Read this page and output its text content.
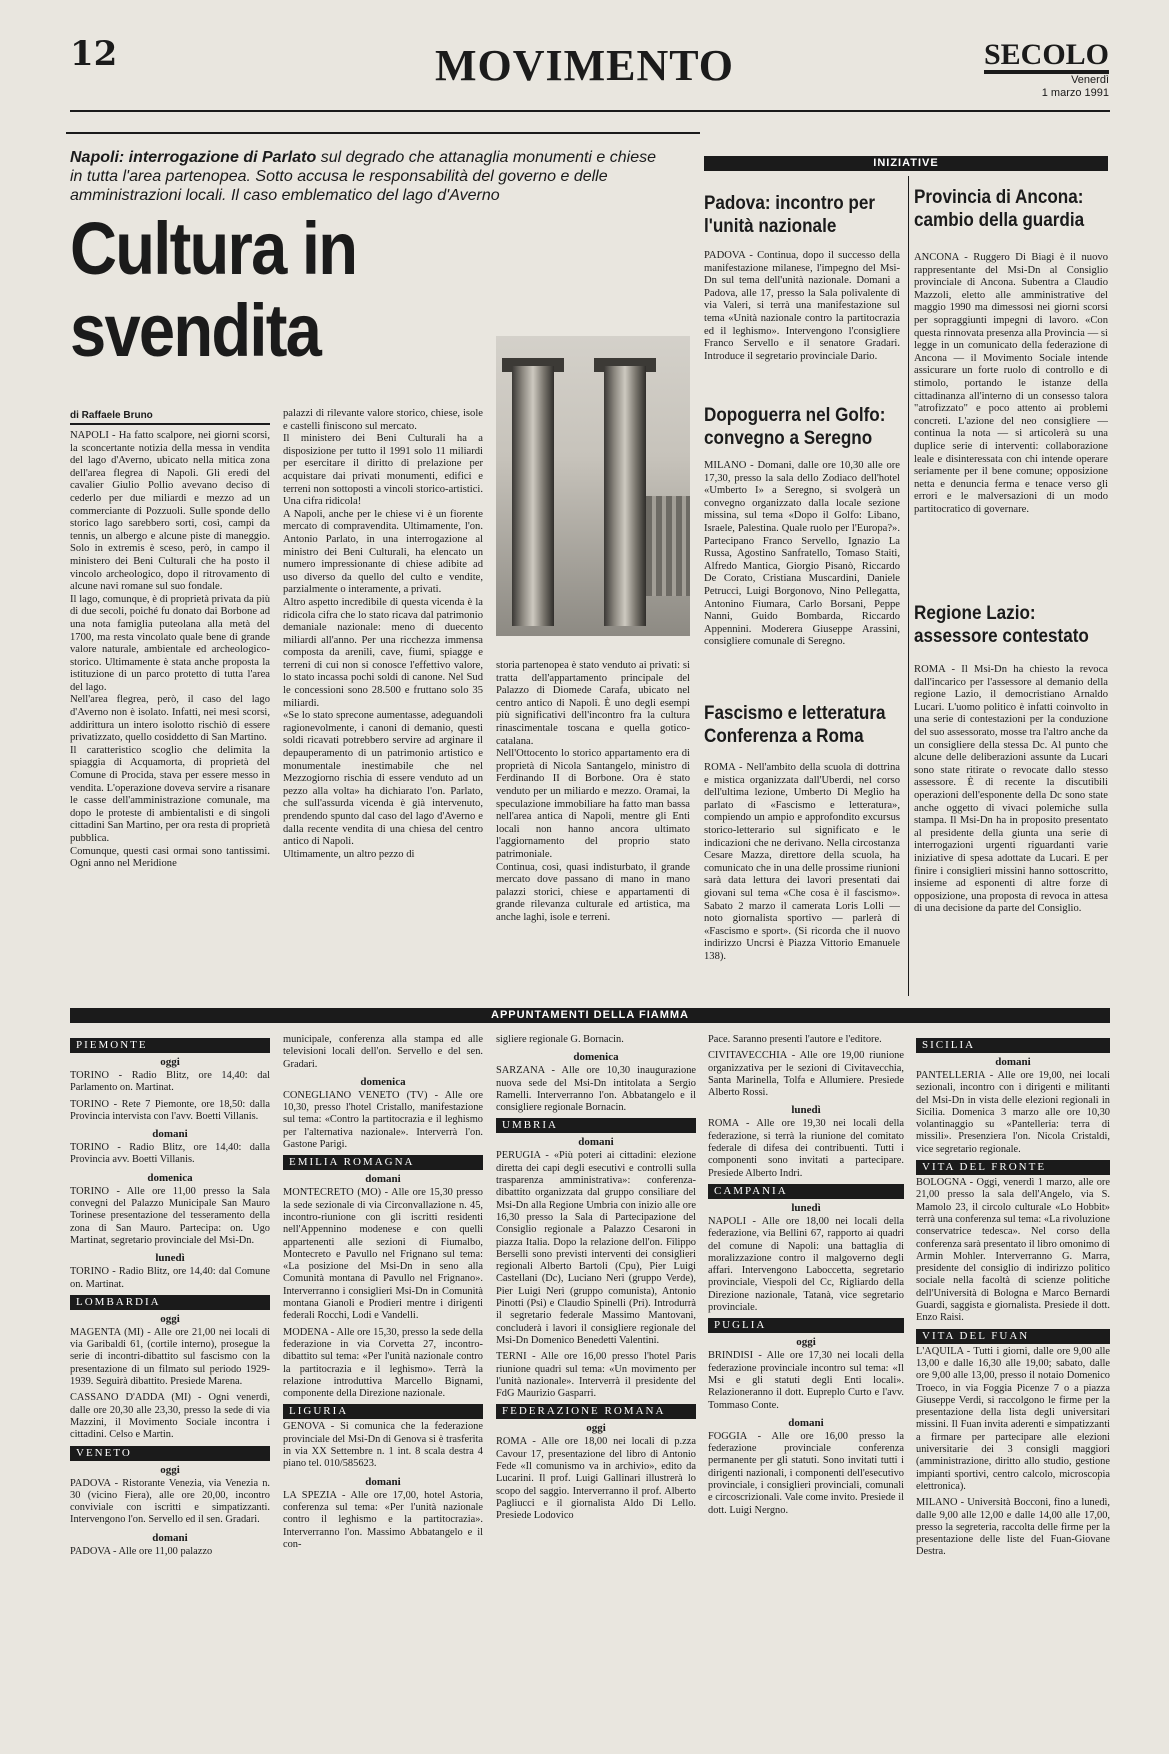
12	MOVIMENTO	SECOLO
Venerdì
1 marzo 1991
Napoli: interrogazione di Parlato sul degrado che attanaglia monumenti e chiese in tutta l'area partenopea. Sotto accusa le responsabilità del governo e delle amministrazioni locali. Il caso emblematico del lago d'Averno
Cultura in svendita
di Raffaele Bruno
NAPOLI - Ha fatto scalpore, nei giorni scorsi, la sconcertante notizia della messa in vendita del lago d'Averno, ubicato nella mitica zona dell'area flegrea di Napoli. Gli eredi del cavalier Giulio Pollio avevano deciso di cederlo per due miliardi e mezzo ad un commerciante di Pozzuoli. Sulle sponde dello storico lago sarebbero sorti, così, campi da tennis, un albergo e alcune piste di maneggio. Solo in extremis è sceso, però, in campo il ministero dei Beni Culturali che ha posto il vincolo archeologico, dopo il ritrovamento di alcune navi romane sul suo fondale.
Il lago, comunque, è di proprietà privata da più di due secoli, poiché fu donato dai Borbone ad una nota famiglia puteolana alla metà del 1700, ma resta vincolato quale bene di grande valore naturale, ambientale ed archeologico-storico. Ultimamente è stata anche proposta la istituzione di un parco protetto di tutta l'area del lago.
Nell'area flegrea, però, il caso del lago d'Averno non è isolato. Infatti, nei mesi scorsi, addirittura un intero isolotto rischiò di essere privatizzato, quello cosiddetto di San Martino.
Il caratteristico scoglio che delimita la spiaggia di Acquamorta, di proprietà del Comune di Procida, stava per essere messo in vendita. L'operazione doveva servire a risanare le casse dell'amministrazione comunale, ma dopo le proteste di ambientalisti e di singoli cittadini San Martino, per ora resta di proprietà pubblica.
Comunque, questi casi ormai sono tantissimi. Ogni anno nel Meridione
palazzi di rilevante valore storico, chiese, isole e castelli finiscono sul mercato.
Il ministero dei Beni Culturali ha a disposizione per tutto il 1991 solo 11 miliardi per esercitare il diritto di prelazione per acquistare dai privati monumenti, edifici e terreni non sottoposti a vincoli storico-artistici. Una cifra ridicola!
A Napoli, anche per le chiese vi è un fiorente mercato di compravendita. Ultimamente, l'on. Antonio Parlato, in una interrogazione al ministro dei Beni Culturali, ha elencato un numero impressionante di chiese adibite ad uso diverso da quello del culto e vendite, parzialmente o interamente, a privati.
Altro aspetto incredibile di questa vicenda è la ridicola cifra che lo stato ricava dal patrimonio demaniale nazionale: meno di duecento miliardi all'anno. Per una ricchezza immensa composta da arenili, cave, fiumi, spiagge e terreni di cui non si conosce l'effettivo valore, lo stato incassa pochi soldi di canone. Nel Sud le concessioni sono 28.500 e fruttano solo 35 miliardi.
«Se lo stato sprecone aumentasse, adeguandoli ragionevolmente, i canoni di demanio, questi soldi ricavati potrebbero servire ad arginare il depauperamento di un patrimonio artistico e monumentale inestimabile che nel Mezzogiorno rischia di essere venduto ad un pezzo alla volta» ha dichiarato l'on. Parlato, che sull'assurda vicenda è già intervenuto, prendendo spunto dal caso del lago d'Averno e dalla recente vendita di una chiesa del centro antico di Napoli.
Ultimamente, un altro pezzo di
storia partenopea è stato venduto ai privati: si tratta dell'appartamento principale del Palazzo di Diomede Carafa, ubicato nel centro antico di Napoli. È uno degli esempi più significativi dell'incontro fra la cultura rinascimentale toscana e quella gotico-catalana.
Nell'Ottocento lo storico appartamento era di proprietà di Nicola Santangelo, ministro di Ferdinando II di Borbone. Ora è stato venduto per un miliardo e mezzo. Oramai, la speculazione immobiliare ha fatto man bassa nell'area antica di Napoli, mentre gli Enti locali non hanno ancora ultimato l'aggiornamento del proprio stato patrimoniale.
Continua, così, quasi indisturbato, il grande mercato dove passano di mano in mano palazzi storici, chiese e appartamenti di grande rilevanza culturale ed artistica, ma anche laghi, isole e terreni.
INIZIATIVE
Padova: incontro per l'unità nazionale
PADOVA - Continua, dopo il successo della manifestazione milanese, l'impegno del Msi-Dn sul tema dell'unità nazionale. Domani a Padova, alle 17, presso la Sala polivalente di via Valeri, si terrà una manifestazione sul tema «Unità nazionale contro la partitocrazia ed il leghismo». Intervengono l'consigliere Franco Servello e il senatore Gradari. Introduce il segretario provinciale Dario.
Dopoguerra nel Golfo: convegno a Seregno
MILANO - Domani, dalle ore 10,30 alle ore 17,30, presso la sala dello Zodiaco dell'hotel «Umberto I» a Seregno, si svolgerà un convegno organizzato dalla locale sezione missina, sul tema «Dopo il Golfo: Libano, Israele, Palestina. Quale ruolo per l'Europa?». Partecipano Franco Servello, Ignazio La Russa, Agostino Sanfratello, Tomaso Staiti, Alfredo Mantica, Giorgio Pisanò, Riccardo De Corato, Cristiana Muscardini, Daniele Petrucci, Luigi Borgonovo, Nino Pellegatta, Antonino Fiumara, Carlo Borsani, Peppe Nanni, Guido Bombarda, Riccardo Appennini. Moderera Giuseppe Arassini, consigliere comunale di Seregno.
Fascismo e letteratura Conferenza a Roma
ROMA - Nell'ambito della scuola di dottrina e mistica organizzata dall'Uberdi, nel corso dell'ultima lezione, Umberto Di Meglio ha parlato di «Fascismo e letteratura», compiendo un ampio e approfondito excursus storico-letterario sul significato e le indicazioni che ne derivano. Nella circostanza Cesare Mazza, direttore della scuola, ha comunicato che in una delle prossime riunioni sarà data lettura dei lavori presentati dai giovani sul tema «Che cosa è il fascismo». Sabato 2 marzo il camerata Loris Lolli — noto giornalista sportivo — parlerà di «Fascismo e sport». (Si ricorda che il nuovo indirizzo Uncrsi è Piazza Vittorio Emanuele 138).
Provincia di Ancona: cambio della guardia
ANCONA - Ruggero Di Biagi è il nuovo rappresentante del Msi-Dn al Consiglio provinciale di Ancona. Subentra a Claudio Mazzoli, eletto alle amministrative del maggio 1990 ma dimessosi nei giorni scorsi per sopraggiunti impegni di lavoro. «Con questa rinnovata presenza alla Provincia — si legge in un comunicato della federazione di Ancona — il Movimento Sociale intende assicurare un forte ruolo di controllo e di stimolo, portando le istanze della cittadinanza all'interno di un consesso talora "atrofizzato" e poco attento ai problemi concreti. L'azione del neo consigliere — continua la nota — si articolerà su una duplice serie di interventi: collaborazione leale e disinteressata con chi intende operare seriamente per il bene comune; opposizione netta e denuncia ferma e tenace verso gli errori e le malversazioni di un modo partitocratico di governare.
Regione Lazio: assessore contestato
ROMA - Il Msi-Dn ha chiesto la revoca dall'incarico per l'assessore al demanio della regione Lazio, il democristiano Arnaldo Lucari. L'uomo politico è infatti coinvolto in una serie di contestazioni per la conduzione del suo assessorato, mosse tra l'altro anche da un consigliere della stessa Dc. Al punto che alcune delle deliberazioni assunte da Lucari sono state ritirate o revocate dallo stesso assessore. È di recente la discutibili operazioni dell'esponente della Dc sono state anche oggetto di vivaci polemiche sulla stampa. Il Msi-Dn ha in proposito presentato al presidente della giunta una serie di interrogazioni urgenti riguardanti varie iniziative di spesa adottate da Lucari. E per finire i consiglieri missini hanno sottoscritto, insieme ad esponenti di altre forze di opposizione, una proposta di revoca in attesa di una decisione da parte del Consiglio.
APPUNTAMENTI DELLA FIAMMA
PIEMONTE
oggi
TORINO - Radio Blitz, ore 14,40: dal Parlamento on. Martinat.
TORINO - Rete 7 Piemonte, ore 18,50: dalla Provincia intervista con l'avv. Boetti Villanis.
domani
TORINO - Radio Blitz, ore 14,40: dalla Provincia avv. Boetti Villanis.
domenica
TORINO - Alle ore 11,00 presso la Sala convegni del Palazzo Municipale San Mauro Torinese presentazione del tesseramento della zona di San Mauro. Partecipa: on. Ugo Martinat, segretario provinciale del Msi-Dn.
lunedì
TORINO - Radio Blitz, ore 14,40: dal Comune on. Martinat.
LOMBARDIA
oggi
MAGENTA (MI) - Alle ore 21,00 nei locali di via Garibaldi 61, (cortile interno), prosegue la serie di incontri-dibattito sul fascismo con la presentazione di un filmato sul periodo 1929-1939. Seguirà dibattito. Presiede Marena.
CASSANO D'ADDA (MI) - Ogni venerdì, dalle ore 20,30 alle 23,30, presso la sede di via Mazzini, il Movimento Sociale incontra i cittadini. Celso e Martin.
VENETO
oggi
PADOVA - Ristorante Venezia, via Venezia n. 30 (vicino Fiera), alle ore 20,00, incontro conviviale con iscritti e simpatizzanti. Intervengono l'on. Servello ed il sen. Gradari.
domani
PADOVA - Alle ore 11,00 palazzo
municipale, conferenza alla stampa ed alle televisioni locali dell'on. Servello e del sen. Gradari.
domenica
CONEGLIANO VENETO (TV) - Alle ore 10,30, presso l'hotel Cristallo, manifestazione sul tema: «Contro la partitocrazia e il leghismo per l'alternativa nazionale». Interverrà l'on. Gastone Parigi.
EMILIA ROMAGNA
domani
MONTECRETO (MO) - Alle ore 15,30 presso la sede sezionale di via Circonvallazione n. 45, incontro-riunione con gli iscritti residenti nell'Appennino modenese e con quelli appartenenti alle sezioni di Fiumalbo, Montecreto e Pavullo nel Frignano sul tema: «La posizione del Msi-Dn in seno alla Comunità montana di Pavullo nel Frignano». Interverranno i consiglieri Msi-Dn in Comunità montana Gianoli e Prodieri mentre i dirigenti federali Rocchi, Lodi e Vandelli.
MODENA - Alle ore 15,30, presso la sede della federazione in via Corvetta 27, incontro-dibattito sul tema: «Per l'unità nazionale contro la partitocrazia e il leghismo». Terrà la relazione introduttiva Marcello Bignami, componente della Direzione nazionale.
LIGURIA
GENOVA - Si comunica che la federazione provinciale del Msi-Dn di Genova si è trasferita in via XX Settembre n. 1 int. 8 scala destra 4 piano tel. 010/585623.
domani
LA SPEZIA - Alle ore 17,00, hotel Astoria, conferenza sul tema: «Per l'unità nazionale contro il leghismo e la partitocrazia». Interverranno l'on. Massimo Abbatangelo e il con-
sigliere regionale G. Bornacin.
domenica
SARZANA - Alle ore 10,30 inaugurazione nuova sede del Msi-Dn intitolata a Sergio Ramelli. Interverranno l'on. Abbatangelo e il consigliere regionale Bornacin.
UMBRIA
domani
PERUGIA - «Più poteri ai cittadini: elezione diretta dei capi degli esecutivi e controlli sulla trasparenza amministrativa»: conferenza-dibattito organizzata dal gruppo consiliare del Msi-Dn alla Regione Umbria con inizio alle ore 16,30 presso la Sala di Partecipazione del Consiglio regionale a Palazzo Cesaroni in piazza Italia. Dopo la relazione dell'on. Filippo Berselli sono previsti interventi dei consiglieri regionali Alberto Bartoli (Cpu), Pier Luigi Castellani (Dc), Luciano Neri (gruppo Verde), Pier Luigi Neri (gruppo comunista), Antonio Pinotti (Psi) e Claudio Spinelli (Pri). Introdurrà il segretario federale Massimo Mantovani, concluderà i lavori il consigliere regionale del Msi-Dn Domenico Benedetti Valentini.
TERNI - Alle ore 16,00 presso l'hotel Paris riunione quadri sul tema: «Un movimento per l'unità nazionale». Interverrà il presidente del FdG Maurizio Gasparri.
FEDERAZIONE ROMANA
oggi
ROMA - Alle ore 18,00 nei locali di p.zza Cavour 17, presentazione del libro di Antonio Fede «Il comunismo va in archivio», edito da Lucarini. Il prof. Luigi Gallinari illustrerà lo scopo del saggio. Interverranno il prof. Alberto Pagliucci e il giornalista Aldo Di Lello. Presiede Lodovico
Pace. Saranno presenti l'autore e l'editore.
CIVITAVECCHIA - Alle ore 19,00 riunione organizzativa per le sezioni di Civitavecchia, Santa Marinella, Tolfa e Allumiere. Presiede Alberto Rossi.
lunedì
ROMA - Alle ore 19,30 nei locali della federazione, si terrà la riunione del comitato federale di difesa dei contribuenti. Tutti i componenti sono invitati a partecipare. Presiede Alberto Indri.
CAMPANIA
lunedì
NAPOLI - Alle ore 18,00 nei locali della federazione, via Bellini 67, rapporto ai quadri del comune di Napoli: una battaglia di moralizzazione contro il malgoverno degli affari. Intervengono Laboccetta, segretario provinciale, Viespoli del Cc, Rigliardo della Direzione nazionale, Tatanà, vice segretario provinciale.
PUGLIA
oggi
BRINDISI - Alle ore 17,30 nei locali della federazione provinciale incontro sul tema: «Il Msi e gli statuti degli Enti locali». Relazioneranno il dott. Eupreplo Curto e l'avv. Tommaso Conte.
domani
FOGGIA - Alle ore 16,00 presso la federazione provinciale conferenza permanente per gli statuti. Sono invitati tutti i dirigenti nazionali, i componenti dell'esecutivo provinciale, i consiglieri provinciali, comunali e circoscrizionali. Vale come invito. Presiede il dott. Luigi Nergno.
SICILIA
domani
PANTELLERIA - Alle ore 19,00, nei locali sezionali, incontro con i dirigenti e militanti del Msi-Dn in vista delle elezioni regionali in Sicilia. Domenica 3 marzo alle ore 10,30 volantinaggio su «Pantelleria: terra di missili». Presenziera l'on. Nicola Cristaldi, vice segretario regionale.
VITA DEL FRONTE
BOLOGNA - Oggi, venerdì 1 marzo, alle ore 21,00 presso la sala dell'Angelo, via S. Mamolo 23, il circolo culturale «Lo Hobbit» terrà una conferenza sul tema: «La rivoluzione conservatrice tedesca». Nel corso della conferenza sarà presentato il libro omonimo di Armin Mohler. Interverranno G. Marra, presidente del consiglio di indirizzo politico sociale nella facoltà di scienze politiche dell'Università di Bologna e Marco Bernardi Guardi, saggista e giornalista. Presiede il dott. Enzo Raisi.
VITA DEL FUAN
L'AQUILA - Tutti i giorni, dalle ore 9,00 alle 13,00 e dalle 16,30 alle 19,00; sabato, dalle ore 9,00 alle 13,00, presso il notaio Domenico Troeco, in via Foggia Picenze 7 o a piazza Giuseppe Verdi, si raccolgono le firme per la presentazione della lista degli universitari missini. Il Fuan invita aderenti e simpatizzanti a firmare per partecipare alle elezioni universitarie dei 3 consigli maggiori (amministrazione, diritto allo studio, gestione impianti sportivi, centro calcolo, microscopia elettronica).
MILANO - Università Bocconi, fino a lunedì, dalle 9,00 alle 12,00 e dalle 14,00 alle 17,00, presso la segreteria, raccolta delle firme per la presentazione delle liste del Fuan-Giovane Destra.
